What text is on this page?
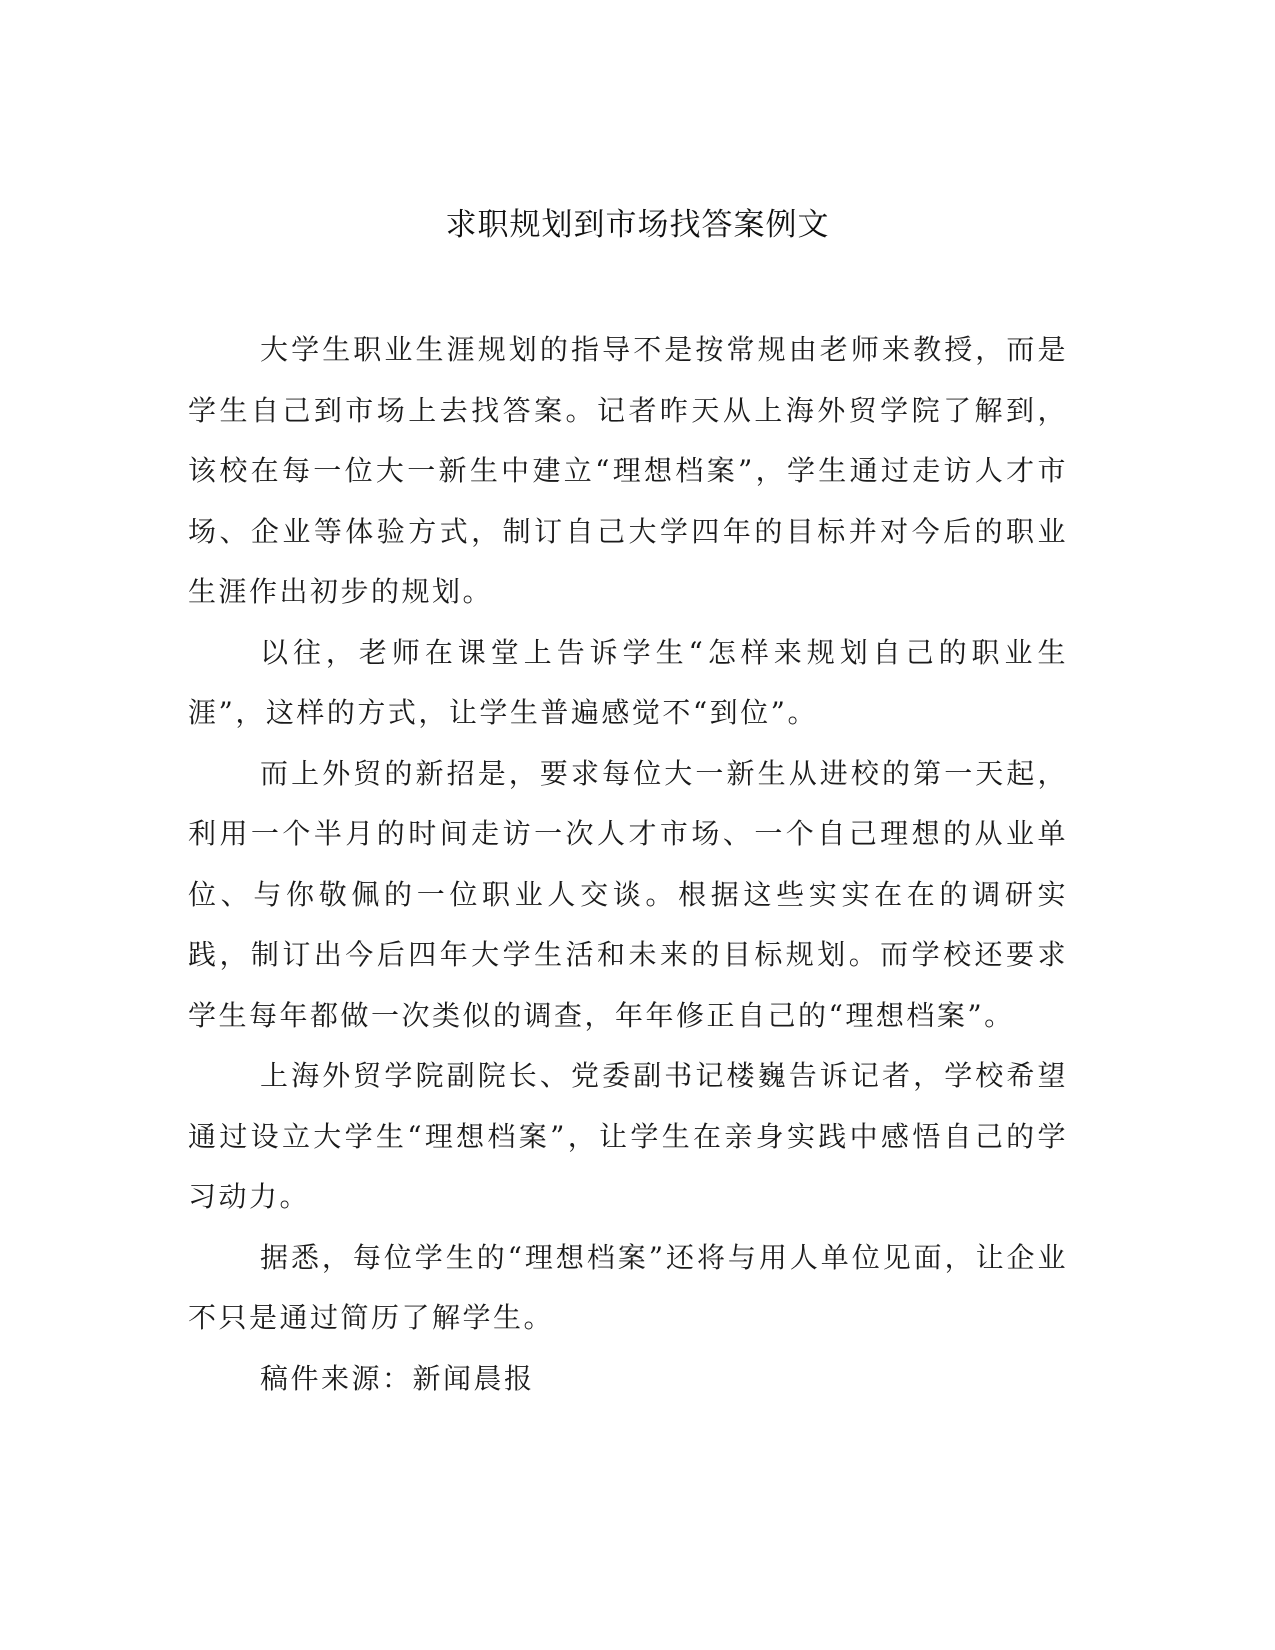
求职规划到市场找答案例文

大学生职业生涯规划的指导不是按常规由老师来教授，而是学生自己到市场上去找答案。记者昨天从上海外贸学院了解到，该校在每一位大一新生中建立“理想档案”，学生通过走访人才市场、企业等体验方式，制订自己大学四年的目标并对今后的职业生涯作出初步的规划。

以往，老师在课堂上告诉学生“怎样来规划自己的职业生涯”，这样的方式，让学生普遍感觉不“到位”。

而上外贸的新招是，要求每位大一新生从进校的第一天起，利用一个半月的时间走访一次人才市场、一个自己理想的从业单位、与你敬佩的一位职业人交谈。根据这些实实在在的调研实践，制订出今后四年大学生活和未来的目标规划。而学校还要求学生每年都做一次类似的调查，年年修正自己的“理想档案”。

上海外贸学院副院长、党委副书记楼巍告诉记者，学校希望通过设立大学生“理想档案”，让学生在亲身实践中感悟自己的学习动力。

据悉，每位学生的“理想档案”还将与用人单位见面，让企业不只是通过简历了解学生。

稿件来源：新闻晨报
